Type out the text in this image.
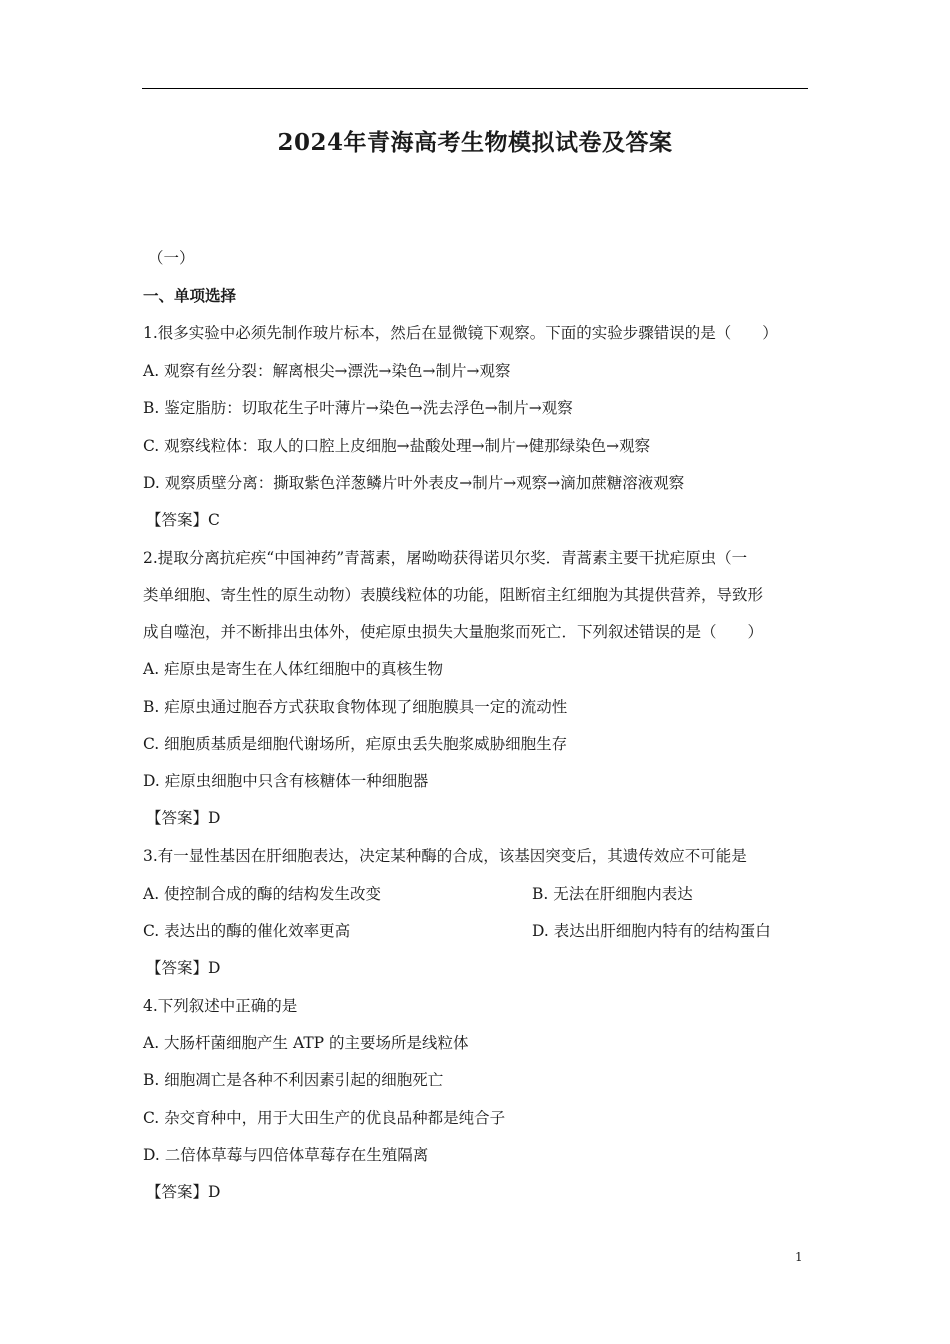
2024年青海高考生物模拟试卷及答案
（一）
一、单项选择
1.很多实验中必须先制作玻片标本，然后在显微镜下观察。下面的实验步骤错误的是（　　）
A. 观察有丝分裂：解离根尖→漂洗→染色→制片→观察
B. 鉴定脂肪：切取花生子叶薄片→染色→洗去浮色→制片→观察
C. 观察线粒体：取人的口腔上皮细胞→盐酸处理→制片→健那绿染色→观察
D. 观察质壁分离：撕取紫色洋葱鳞片叶外表皮→制片→观察→滴加蔗糖溶液观察
【答案】C
2.提取分离抗疟疾“中国神药”青蒿素，屠呦呦获得诺贝尔奖．青蒿素主要干扰疟原虫（一
类单细胞、寄生性的原生动物）表膜线粒体的功能，阻断宿主红细胞为其提供营养，导致形
成自噬泡，并不断排出虫体外，使疟原虫损失大量胞浆而死亡．下列叙述错误的是（　　）
A. 疟原虫是寄生在人体红细胞中的真核生物
B. 疟原虫通过胞吞方式获取食物体现了细胞膜具一定的流动性
C. 细胞质基质是细胞代谢场所，疟原虫丢失胞浆威胁细胞生存
D. 疟原虫细胞中只含有核糖体一种细胞器
【答案】D
3.有一显性基因在肝细胞表达，决定某种酶的合成，该基因突变后，其遗传效应不可能是
A. 使控制合成的酶的结构发生改变	B. 无法在肝细胞内表达
C. 表达出的酶的催化效率更高	D. 表达出肝细胞内特有的结构蛋白
【答案】D
4.下列叙述中正确的是
A. 大肠杆菌细胞产生 ATP 的主要场所是线粒体
B. 细胞凋亡是各种不利因素引起的细胞死亡
C. 杂交育种中，用于大田生产的优良品种都是纯合子
D. 二倍体草莓与四倍体草莓存在生殖隔离
【答案】D
1
